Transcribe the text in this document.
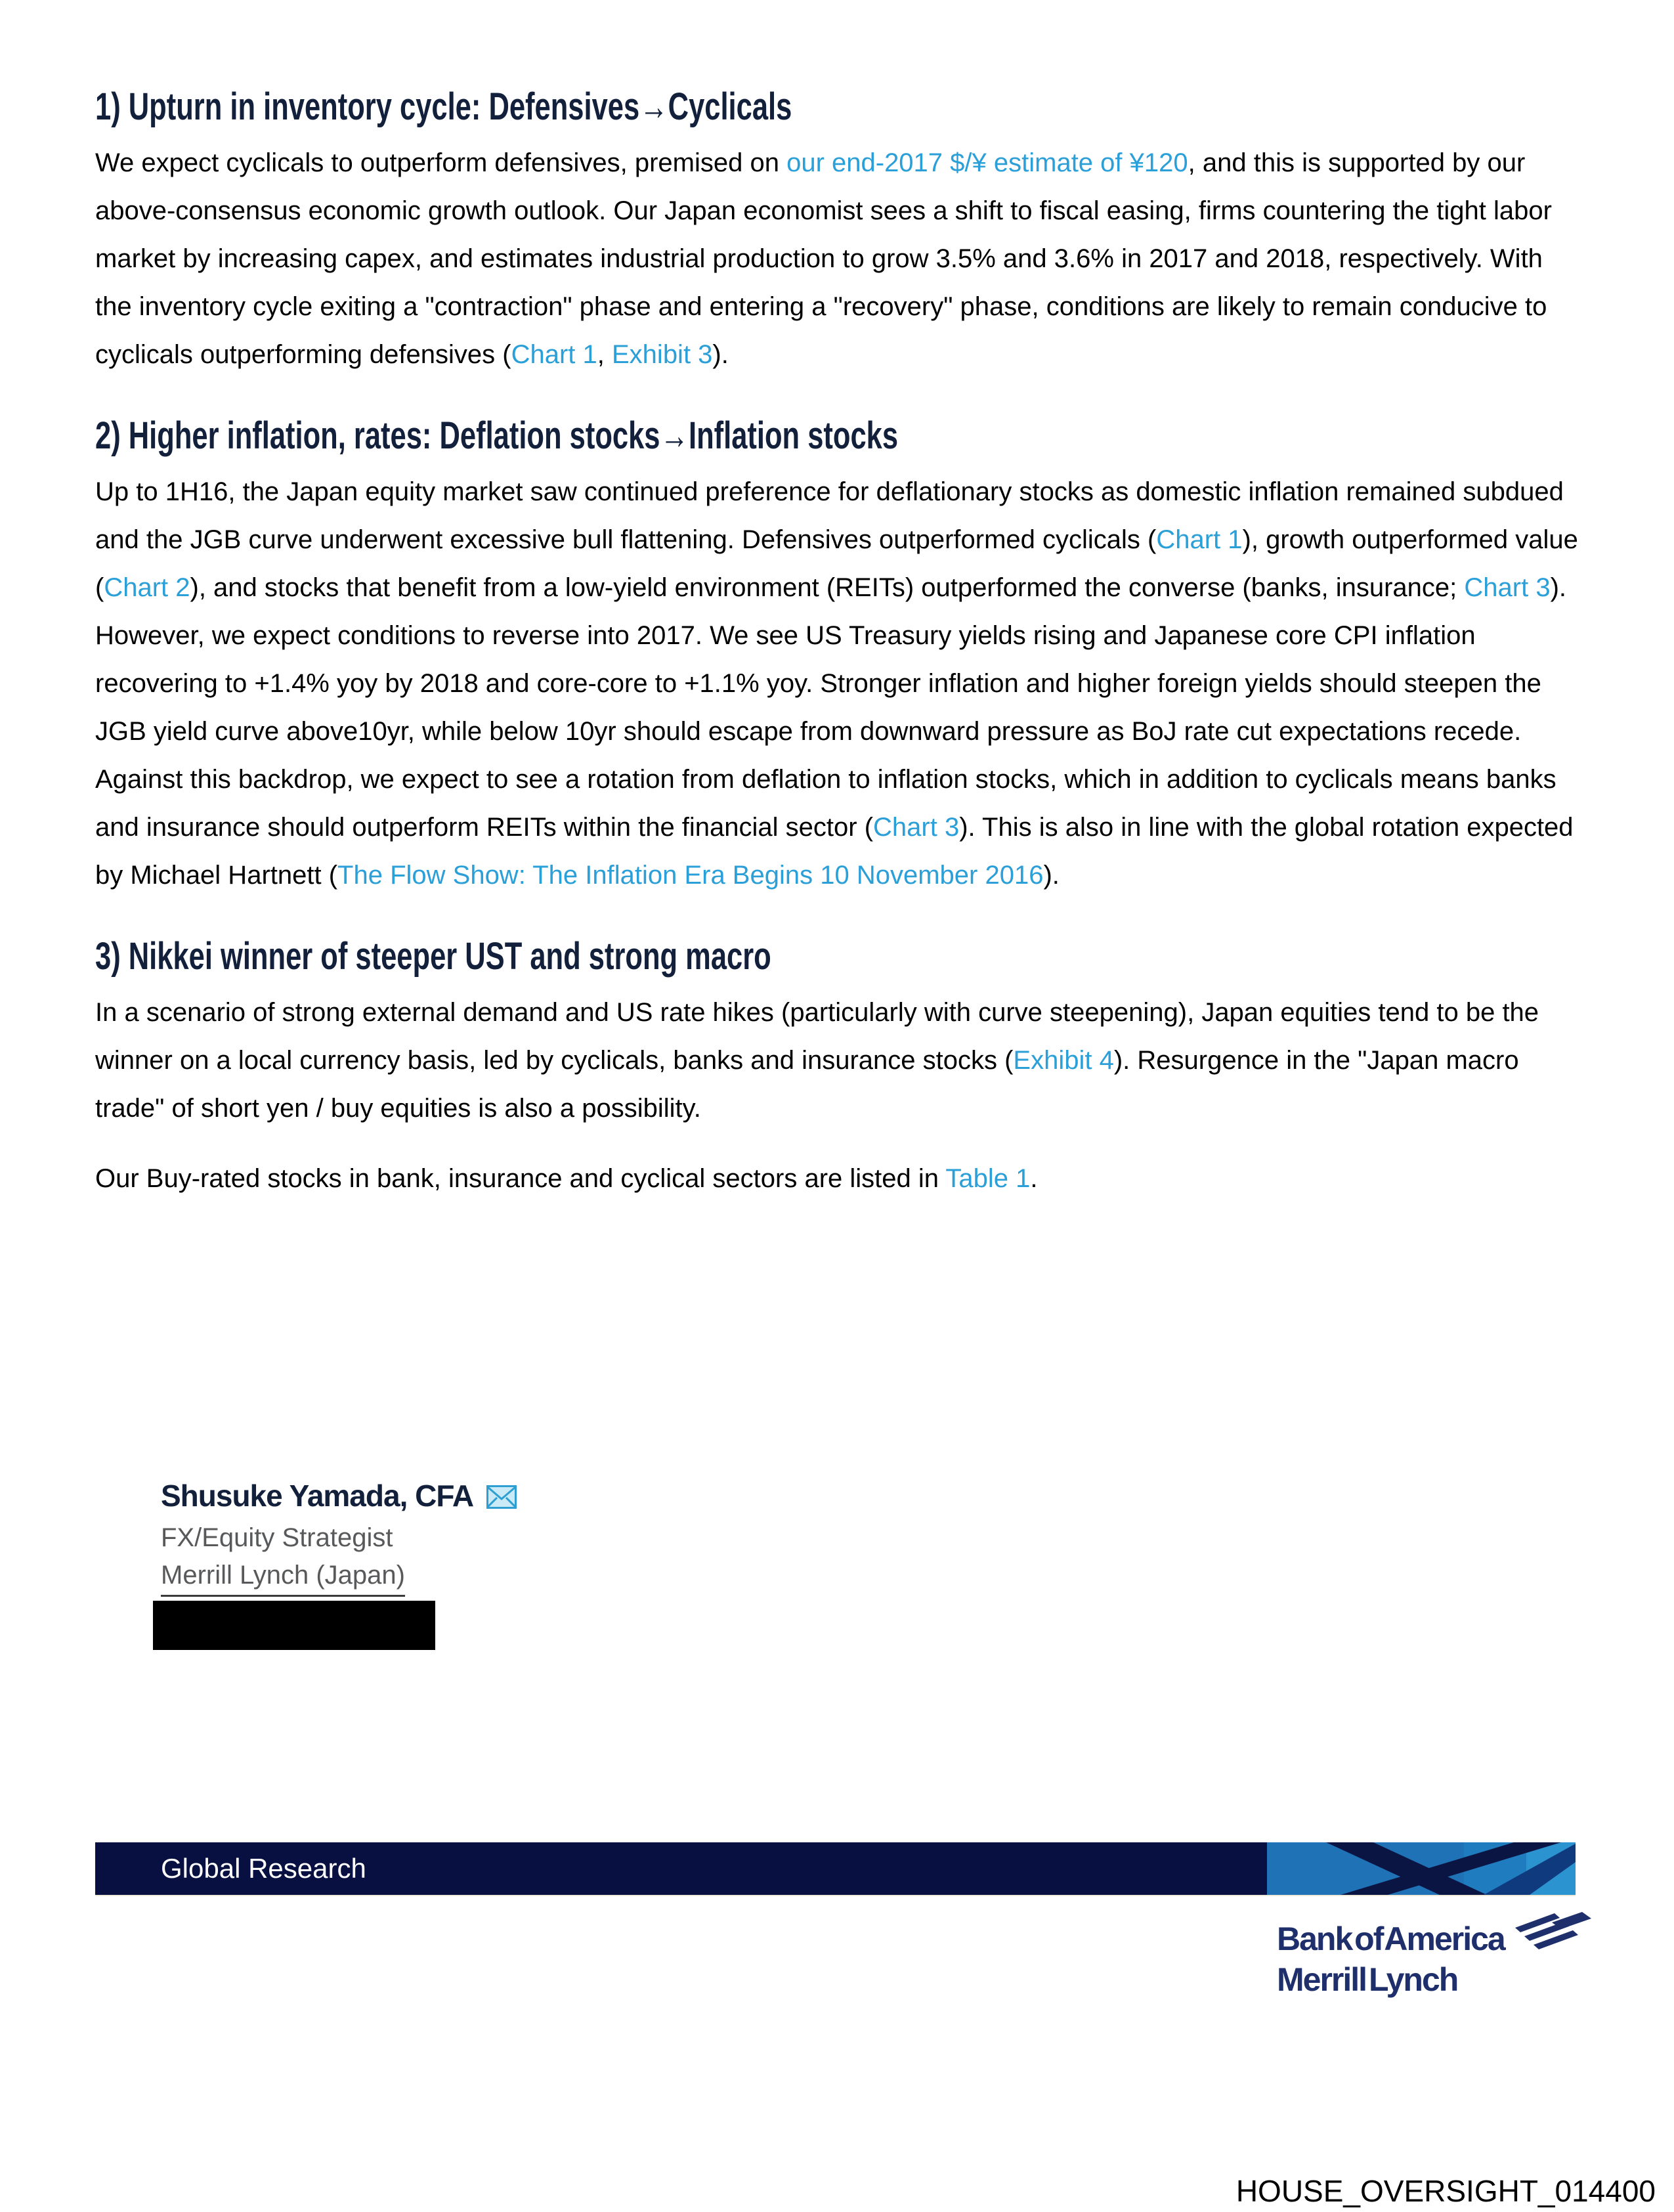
1) Upturn in inventory cycle: Defensives→Cyclicals

We expect cyclicals to outperform defensives, premised on our end-2017 $/¥ estimate of ¥120, and this is supported by our above-consensus economic growth outlook. Our Japan economist sees a shift to fiscal easing, firms countering the tight labor market by increasing capex, and estimates industrial production to grow 3.5% and 3.6% in 2017 and 2018, respectively. With the inventory cycle exiting a "contraction" phase and entering a "recovery" phase, conditions are likely to remain conducive to cyclicals outperforming defensives (Chart 1, Exhibit 3).

2) Higher inflation, rates: Deflation stocks→Inflation stocks

Up to 1H16, the Japan equity market saw continued preference for deflationary stocks as domestic inflation remained subdued and the JGB curve underwent excessive bull flattening. Defensives outperformed cyclicals (Chart 1), growth outperformed value (Chart 2), and stocks that benefit from a low-yield environment (REITs) outperformed the converse (banks, insurance; Chart 3). However, we expect conditions to reverse into 2017. We see US Treasury yields rising and Japanese core CPI inflation recovering to +1.4% yoy by 2018 and core-core to +1.1% yoy. Stronger inflation and higher foreign yields should steepen the JGB yield curve above10yr, while below 10yr should escape from downward pressure as BoJ rate cut expectations recede. Against this backdrop, we expect to see a rotation from deflation to inflation stocks, which in addition to cyclicals means banks and insurance should outperform REITs within the financial sector (Chart 3). This is also in line with the global rotation expected by Michael Hartnett (The Flow Show: The Inflation Era Begins 10 November 2016).

3) Nikkei winner of steeper UST and strong macro

In a scenario of strong external demand and US rate hikes (particularly with curve steepening), Japan equities tend to be the winner on a local currency basis, led by cyclicals, banks and insurance stocks (Exhibit 4). Resurgence in the "Japan macro trade" of short yen / buy equities is also a possibility.

Our Buy-rated stocks in bank, insurance and cyclical sectors are listed in Table 1.

Shusuke Yamada, CFA
FX/Equity Strategist
Merrill Lynch (Japan)
Global Research
Bank of America
Merrill Lynch
HOUSE_OVERSIGHT_014400
